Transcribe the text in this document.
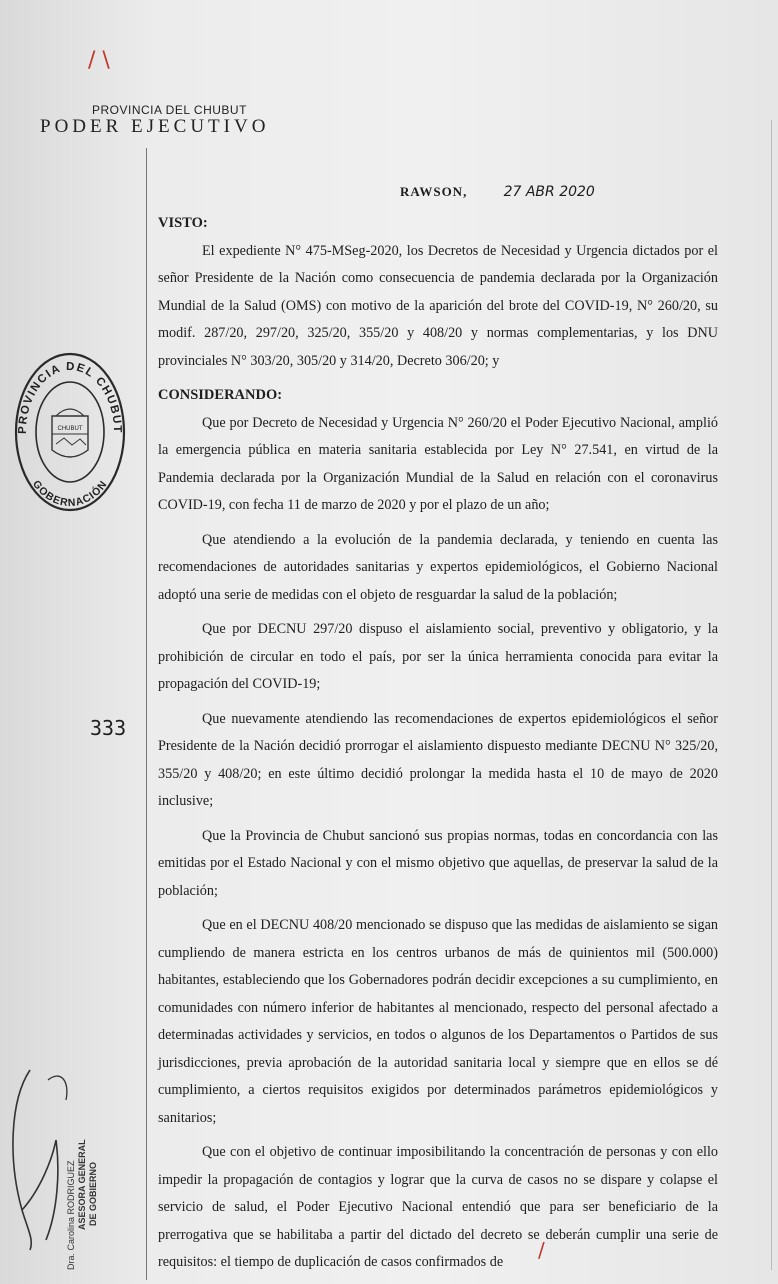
/ \
PROVINCIA DEL CHUBUT
PODER EJECUTIVO
RAWSON,	27 ABR 2020
PROVINCIA DEL CHUBUT
GOBERNACIÓN
CHUBUT
333
Dra. Carolina RODRIGUEZ ASESORA GENERAL DE GOBIERNO

VISTO:

El expediente N° 475-MSeg-2020, los Decretos de Necesidad y Urgencia dictados por el señor Presidente de la Nación como consecuencia de pandemia declarada por la Organización Mundial de la Salud (OMS) con motivo de la aparición del brote del COVID-19, N° 260/20, su modif. 287/20, 297/20, 325/20, 355/20 y 408/20 y normas complementarias, y los DNU provinciales N° 303/20, 305/20 y 314/20, Decreto 306/20; y

CONSIDERANDO:

Que por Decreto de Necesidad y Urgencia N° 260/20 el Poder Ejecutivo Nacional, amplió la emergencia pública en materia sanitaria establecida por Ley N° 27.541, en virtud de la Pandemia declarada por la Organización Mundial de la Salud en relación con el coronavirus COVID-19, con fecha 11 de marzo de 2020 y por el plazo de un año;

Que atendiendo a la evolución de la pandemia declarada, y teniendo en cuenta las recomendaciones de autoridades sanitarias y expertos epidemiológicos, el Gobierno Nacional adoptó una serie de medidas con el objeto de resguardar la salud de la población;

Que por DECNU 297/20 dispuso el aislamiento social, preventivo y obligatorio, y la prohibición de circular en todo el país, por ser la única herramienta conocida para evitar la propagación del COVID-19;

Que nuevamente atendiendo las recomendaciones de expertos epidemiológicos el señor Presidente de la Nación decidió prorrogar el aislamiento dispuesto mediante DECNU N° 325/20, 355/20 y 408/20; en este último decidió prolongar la medida hasta el 10 de mayo de 2020 inclusive;

Que la Provincia de Chubut sancionó sus propias normas, todas en concordancia con las emitidas por el Estado Nacional y con el mismo objetivo que aquellas, de preservar la salud de la población;

Que en el DECNU 408/20 mencionado se dispuso que las medidas de aislamiento se sigan cumpliendo de manera estricta en los centros urbanos de más de quinientos mil (500.000) habitantes, estableciendo que los Gobernadores podrán decidir excepciones a su cumplimiento, en comunidades con número inferior de habitantes al mencionado, respecto del personal afectado a determinadas actividades y servicios, en todos o algunos de los Departamentos o Partidos de sus jurisdicciones, previa aprobación de la autoridad sanitaria local y siempre que en ellos se dé cumplimiento, a ciertos requisitos exigidos por determinados parámetros epidemiológicos y sanitarios;

Que con el objetivo de continuar imposibilitando la concentración de personas y con ello impedir la propagación de contagios y lograr que la curva de casos no se dispare y colapse el servicio de salud, el Poder Ejecutivo Nacional entendió que para ser beneficiario de la prerrogativa que se habilitaba a partir del dictado del decreto se deberán cumplir una serie de requisitos: el tiempo de duplicación de casos confirmados de	/
